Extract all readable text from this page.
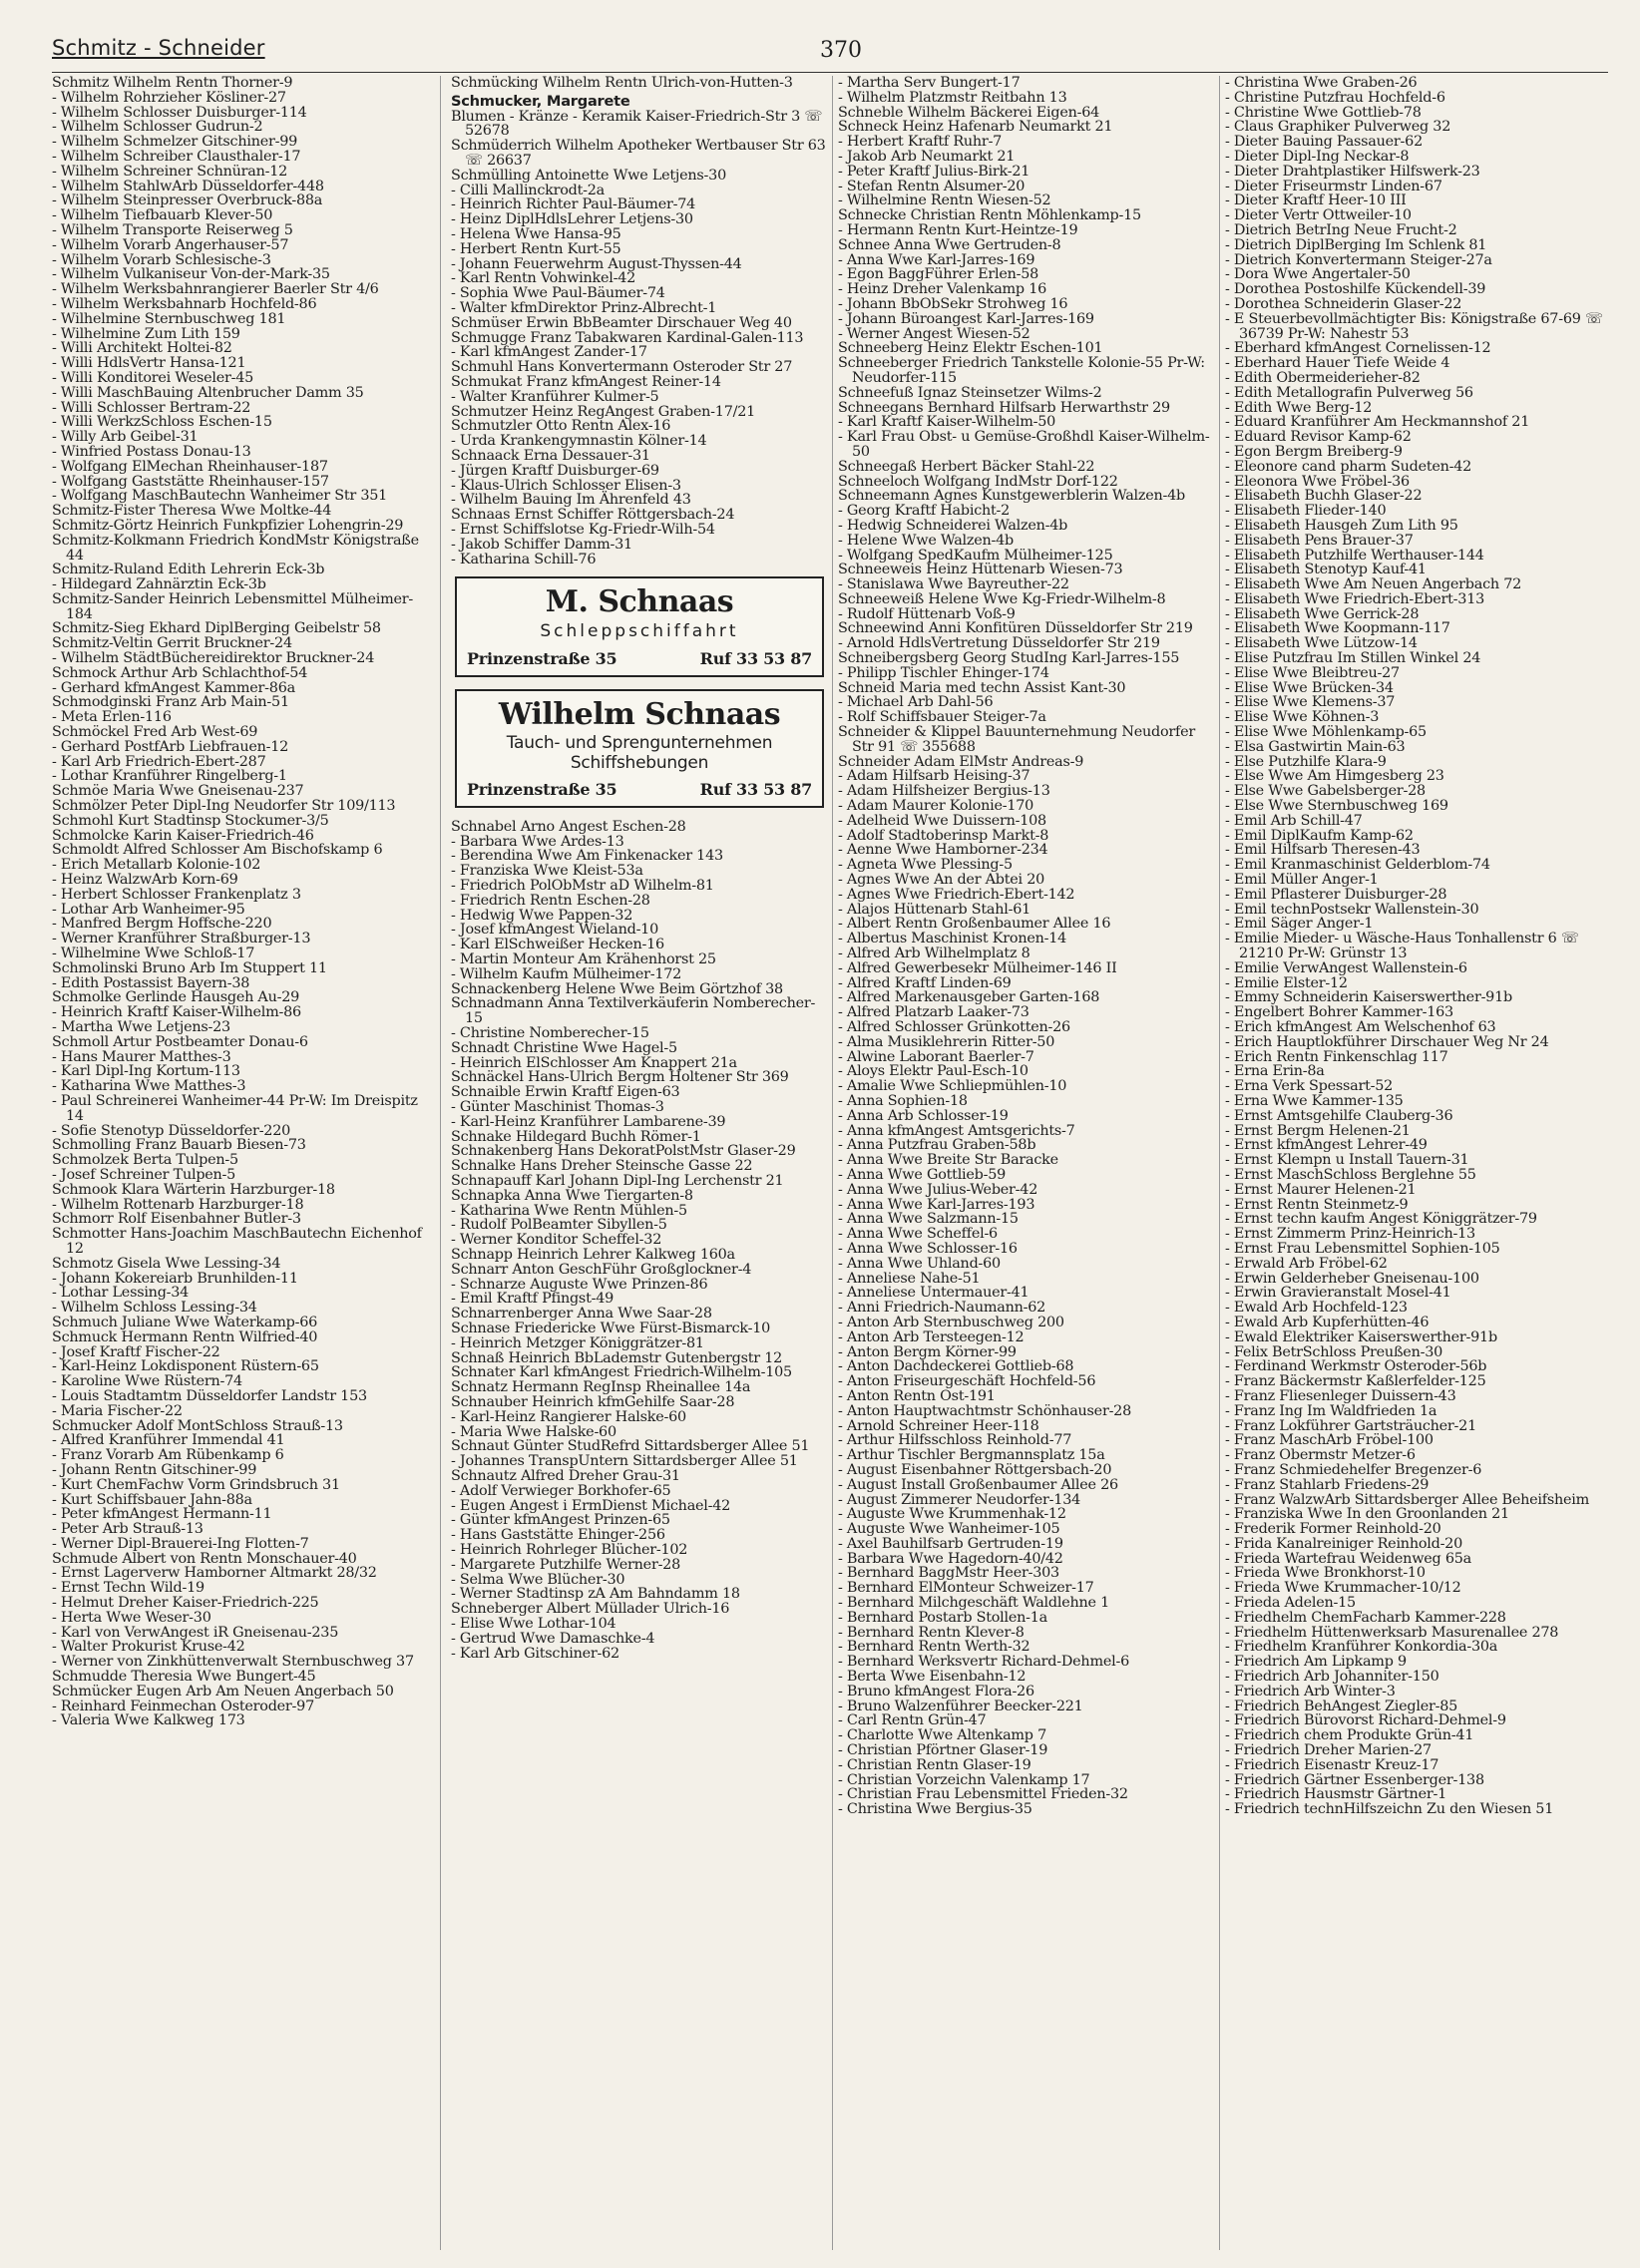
Schmitz - Schneider	370
Schmitz Wilhelm Rentn Thorner-9
- Wilhelm Rohrzieher Kösliner-27
- Wilhelm Schlosser Duisburger-114
- Wilhelm Schlosser Gudrun-2
- Wilhelm Schmelzer Gitschiner-99
- Wilhelm Schreiber Clausthaler-17
- Wilhelm Schreiner Schnüran-12
- Wilhelm StahlwArb Düsseldorfer-448
- Wilhelm Steinpresser Overbruck-88a
- Wilhelm Tiefbauarb Klever-50
- Wilhelm Transporte Reiserweg 5
- Wilhelm Vorarb Angerhauser-57
- Wilhelm Vorarb Schlesische-3
- Wilhelm Vulkaniseur Von-der-Mark-35
- Wilhelm Werksbahnrangierer Baerler Str 4/6
- Wilhelm Werksbahnarb Hochfeld-86
- Wilhelmine Sternbuschweg 181
- Wilhelmine Zum Lith 159
- Willi Architekt Holtei-82
- Willi HdlsVertr Hansa-121
- Willi Konditorei Weseler-45
- Willi MaschBauing Altenbrucher Damm 35
- Willi Schlosser Bertram-22
- Willi WerkzSchloss Eschen-15
- Willy Arb Geibel-31
- Winfried Postass Donau-13
- Wolfgang ElMechan Rheinhauser-187
- Wolfgang Gaststätte Rheinhauser-157
- Wolfgang MaschBautechn Wanheimer Str 351
Schmitz-Fister Theresa Wwe Moltke-44
Schmitz-Görtz Heinrich Funkpfizier Lohengrin-29
Schmitz-Kolkmann Friedrich KondMstr Königstraße 44
Schmitz-Ruland Edith Lehrerin Eck-3b
- Hildegard Zahnärztin Eck-3b
Schmitz-Sander Heinrich Lebensmittel Mülheimer-184
Schmitz-Sieg Ekhard DiplBerging Geibelstr 58
Schmitz-Veltin Gerrit Bruckner-24
- Wilhelm StädtBüchereidirektor Bruckner-24
Schmock Arthur Arb Schlachthof-54
- Gerhard kfmAngest Kammer-86a
Schmodginski Franz Arb Main-51
- Meta Erlen-116
Schmöckel Fred Arb West-69
- Gerhard PostfArb Liebfrauen-12
- Karl Arb Friedrich-Ebert-287
- Lothar Kranführer Ringelberg-1
Schmöe Maria Wwe Gneisenau-237
Schmölzer Peter Dipl-Ing Neudorfer Str 109/113
Schmohl Kurt Stadtinsp Stockumer-3/5
Schmolcke Karin Kaiser-Friedrich-46
Schmoldt Alfred Schlosser Am Bischofskamp 6
- Erich Metallarb Kolonie-102
- Heinz WalzwArb Korn-69
- Herbert Schlosser Frankenplatz 3
- Lothar Arb Wanheimer-95
- Manfred Bergm Hoffsche-220
- Werner Kranführer Straßburger-13
- Wilhelmine Wwe Schloß-17
Schmolinski Bruno Arb Im Stuppert 11
- Edith Postassist Bayern-38
Schmolke Gerlinde Hausgeh Au-29
- Heinrich Kraftf Kaiser-Wilhelm-86
- Martha Wwe Letjens-23
Schmoll Artur Postbeamter Donau-6
- Hans Maurer Matthes-3
- Karl Dipl-Ing Kortum-113
- Katharina Wwe Matthes-3
- Paul Schreinerei Wanheimer-44 Pr-W: Im Dreispitz 14
- Sofie Stenotyp Düsseldorfer-220
Schmolling Franz Bauarb Biesen-73
Schmolzek Berta Tulpen-5
- Josef Schreiner Tulpen-5
Schmook Klara Wärterin Harzburger-18
- Wilhelm Rottenarb Harzburger-18
Schmorr Rolf Eisenbahner Butler-3
Schmotter Hans-Joachim MaschBautechn Eichenhof 12
Schmotz Gisela Wwe Lessing-34
- Johann Kokereiarb Brunhilden-11
- Lothar Lessing-34
- Wilhelm Schloss Lessing-34
Schmuch Juliane Wwe Waterkamp-66
Schmuck Hermann Rentn Wilfried-40
- Josef Kraftf Fischer-22
- Karl-Heinz Lokdisponent Rüstern-65
- Karoline Wwe Rüstern-74
- Louis Stadtamtm Düsseldorfer Landstr 153
- Maria Fischer-22
Schmucker Adolf MontSchloss Strauß-13
- Alfred Kranführer Immendal 41
- Franz Vorarb Am Rübenkamp 6
- Johann Rentn Gitschiner-99
- Kurt ChemFachw Vorm Grindsbruch 31
- Kurt Schiffsbauer Jahn-88a
- Peter kfmAngest Hermann-11
- Peter Arb Strauß-13
- Werner Dipl-Brauerei-Ing Flotten-7
Schmude Albert von Rentn Monschauer-40
- Ernst Lagerverw Hamborner Altmarkt 28/32
- Ernst Techn Wild-19
- Helmut Dreher Kaiser-Friedrich-225
- Herta Wwe Weser-30
- Karl von VerwAngest iR Gneisenau-235
- Walter Prokurist Kruse-42
- Werner von Zinkhüttenverwalt Sternbuschweg 37
Schmudde Theresia Wwe Bungert-45
Schmücker Eugen Arb Am Neuen Angerbach 50
- Reinhard Feinmechan Osteroder-97
- Valeria Wwe Kalkweg 173
Schmücking Wilhelm Rentn Ulrich-von-Hutten-3
Schmucker, Margarete
Blumen - Kränze - Keramik Kaiser-Friedrich-Str 3 ☏ 52678
Schmüderrich Wilhelm Apotheker Wertbauser Str 63 ☏ 26637
Schmülling Antoinette Wwe Letjens-30
- Cilli Mallinckrodt-2a
- Heinrich Richter Paul-Bäumer-74
- Heinz DiplHdlsLehrer Letjens-30
- Helena Wwe Hansa-95
- Herbert Rentn Kurt-55
- Johann Feuerwehrm August-Thyssen-44
- Karl Rentn Vohwinkel-42
- Sophia Wwe Paul-Bäumer-74
- Walter kfmDirektor Prinz-Albrecht-1
Schmüser Erwin BbBeamter Dirschauer Weg 40
Schmugge Franz Tabakwaren Kardinal-Galen-113
- Karl kfmAngest Zander-17
Schmuhl Hans Konvertermann Osteroder Str 27
Schmukat Franz kfmAngest Reiner-14
- Walter Kranführer Kulmer-5
Schmutzer Heinz RegAngest Graben-17/21
Schmutzler Otto Rentn Alex-16
- Urda Krankengymnastin Kölner-14
Schnaack Erna Dessauer-31
- Jürgen Kraftf Duisburger-69
- Klaus-Ulrich Schlosser Elisen-3
- Wilhelm Bauing Im Ährenfeld 43
Schnaas Ernst Schiffer Röttgersbach-24
- Ernst Schiffslotse Kg-Friedr-Wilh-54
- Jakob Schiffer Damm-31
- Katharina Schill-76
M. Schnaas
Schleppschiffahrt
Prinzenstraße 35	Ruf 33 53 87
Wilhelm Schnaas
Tauch- und Sprengunternehmen Schiffshebungen
Prinzenstraße 35	Ruf 33 53 87
Schnabel Arno Angest Eschen-28
- Barbara Wwe Ardes-13
- Berendina Wwe Am Finkenacker 143
- Franziska Wwe Kleist-53a
- Friedrich PolObMstr aD Wilhelm-81
- Friedrich Rentn Eschen-28
- Hedwig Wwe Pappen-32
- Josef kfmAngest Wieland-10
- Karl ElSchweißer Hecken-16
- Martin Monteur Am Krähenhorst 25
- Wilhelm Kaufm Mülheimer-172
Schnackenberg Helene Wwe Beim Görtzhof 38
Schnadmann Anna Textilverkäuferin Nomberecher-15
- Christine Nomberecher-15
Schnadt Christine Wwe Hagel-5
- Heinrich ElSchlosser Am Knappert 21a
Schnäckel Hans-Ulrich Bergm Holtener Str 369
Schnaible Erwin Kraftf Eigen-63
- Günter Maschinist Thomas-3
- Karl-Heinz Kranführer Lambarene-39
Schnake Hildegard Buchh Römer-1
Schnakenberg Hans DekoratPolstMstr Glaser-29
Schnalke Hans Dreher Steinsche Gasse 22
Schnapauff Karl Johann Dipl-Ing Lerchenstr 21
Schnapka Anna Wwe Tiergarten-8
- Katharina Wwe Rentn Mühlen-5
- Rudolf PolBeamter Sibyllen-5
- Werner Konditor Scheffel-32
Schnapp Heinrich Lehrer Kalkweg 160a
Schnarr Anton GeschFühr Großglockner-4
- Schnarze Auguste Wwe Prinzen-86
- Emil Kraftf Pfingst-49
Schnarrenberger Anna Wwe Saar-28
Schnase Friedericke Wwe Fürst-Bismarck-10
- Heinrich Metzger Königgrätzer-81
Schnaß Heinrich BbLademstr Gutenbergstr 12
Schnater Karl kfmAngest Friedrich-Wilhelm-105
Schnatz Hermann RegInsp Rheinallee 14a
Schnauber Heinrich kfmGehilfe Saar-28
- Karl-Heinz Rangierer Halske-60
- Maria Wwe Halske-60
Schnaut Günter StudRefrd Sittardsberger Allee 51
- Johannes TranspUntern Sittardsberger Allee 51
Schnautz Alfred Dreher Grau-31
- Adolf Verwieger Borkhofer-65
- Eugen Angest i ErmDienst Michael-42
- Günter kfmAngest Prinzen-65
- Hans Gaststätte Ehinger-256
- Heinrich Rohrleger Blücher-102
- Margarete Putzhilfe Werner-28
- Selma Wwe Blücher-30
- Werner Stadtinsp zA Am Bahndamm 18
Schneberger Albert Müllader Ulrich-16
- Elise Wwe Lothar-104
- Gertrud Wwe Damaschke-4
- Karl Arb Gitschiner-62
- Martha Serv Bungert-17
- Wilhelm Platzmstr Reitbahn 13
Schneble Wilhelm Bäckerei Eigen-64
Schneck Heinz Hafenarb Neumarkt 21
- Herbert Kraftf Ruhr-7
- Jakob Arb Neumarkt 21
- Peter Kraftf Julius-Birk-21
- Stefan Rentn Alsumer-20
- Wilhelmine Rentn Wiesen-52
Schnecke Christian Rentn Möhlenkamp-15
- Hermann Rentn Kurt-Heintze-19
Schnee Anna Wwe Gertruden-8
- Anna Wwe Karl-Jarres-169
- Egon BaggFührer Erlen-58
- Heinz Dreher Valenkamp 16
- Johann BbObSekr Strohweg 16
- Johann Büroangest Karl-Jarres-169
- Werner Angest Wiesen-52
Schneeberg Heinz Elektr Eschen-101
Schneeberger Friedrich Tankstelle Kolonie-55 Pr-W: Neudorfer-115
Schneefuß Ignaz Steinsetzer Wilms-2
Schneegans Bernhard Hilfsarb Herwarthstr 29
- Karl Kraftf Kaiser-Wilhelm-50
- Karl Frau Obst- u Gemüse-Großhdl Kaiser-Wilhelm-50
Schneegaß Herbert Bäcker Stahl-22
Schneeloch Wolfgang IndMstr Dorf-122
Schneemann Agnes Kunstgewerblerin Walzen-4b
- Georg Kraftf Habicht-2
- Hedwig Schneiderei Walzen-4b
- Helene Wwe Walzen-4b
- Wolfgang SpedKaufm Mülheimer-125
Schneeweis Heinz Hüttenarb Wiesen-73
- Stanislawa Wwe Bayreuther-22
Schneeweiß Helene Wwe Kg-Friedr-Wilhelm-8
- Rudolf Hüttenarb Voß-9
Schneewind Anni Konfitüren Düsseldorfer Str 219
- Arnold HdlsVertretung Düsseldorfer Str 219
Schneibergsberg Georg StudIng Karl-Jarres-155
- Philipp Tischler Ehinger-174
Schneid Maria med techn Assist Kant-30
- Michael Arb Dahl-56
- Rolf Schiffsbauer Steiger-7a
Schneider & Klippel Bauunternehmung Neudorfer Str 91 ☏ 355688
Schneider Adam ElMstr Andreas-9
- Adam Hilfsarb Heising-37
- Adam Hilfsheizer Bergius-13
- Adam Maurer Kolonie-170
- Adelheid Wwe Duissern-108
- Adolf Stadtoberinsp Markt-8
- Aenne Wwe Hamborner-234
- Agneta Wwe Plessing-5
- Agnes Wwe An der Abtei 20
- Agnes Wwe Friedrich-Ebert-142
- Alajos Hüttenarb Stahl-61
- Albert Rentn Großenbaumer Allee 16
- Albertus Maschinist Kronen-14
- Alfred Arb Wilhelmplatz 8
- Alfred Gewerbesekr Mülheimer-146 II
- Alfred Kraftf Linden-69
- Alfred Markenausgeber Garten-168
- Alfred Platzarb Laaker-73
- Alfred Schlosser Grünkotten-26
- Alma Musiklehrerin Ritter-50
- Alwine Laborant Baerler-7
- Aloys Elektr Paul-Esch-10
- Amalie Wwe Schliepmühlen-10
- Anna Sophien-18
- Anna Arb Schlosser-19
- Anna kfmAngest Amtsgerichts-7
- Anna Putzfrau Graben-58b
- Anna Wwe Breite Str Baracke
- Anna Wwe Gottlieb-59
- Anna Wwe Julius-Weber-42
- Anna Wwe Karl-Jarres-193
- Anna Wwe Salzmann-15
- Anna Wwe Scheffel-6
- Anna Wwe Schlosser-16
- Anna Wwe Uhland-60
- Anneliese Nahe-51
- Anneliese Untermauer-41
- Anni Friedrich-Naumann-62
- Anton Arb Sternbuschweg 200
- Anton Arb Tersteegen-12
- Anton Bergm Körner-99
- Anton Dachdeckerei Gottlieb-68
- Anton Friseurgeschäft Hochfeld-56
- Anton Rentn Ost-191
- Anton Hauptwachtmstr Schönhauser-28
- Arnold Schreiner Heer-118
- Arthur Hilfsschloss Reinhold-77
- Arthur Tischler Bergmannsplatz 15a
- August Eisenbahner Röttgersbach-20
- August Install Großenbaumer Allee 26
- August Zimmerer Neudorfer-134
- Auguste Wwe Krummenhak-12
- Auguste Wwe Wanheimer-105
- Axel Bauhilfsarb Gertruden-19
- Barbara Wwe Hagedorn-40/42
- Bernhard BaggMstr Heer-303
- Bernhard ElMonteur Schweizer-17
- Bernhard Milchgeschäft Waldlehne 1
- Bernhard Postarb Stollen-1a
- Bernhard Rentn Klever-8
- Bernhard Rentn Werth-32
- Bernhard Werksvertr Richard-Dehmel-6
- Berta Wwe Eisenbahn-12
- Bruno kfmAngest Flora-26
- Bruno Walzenführer Beecker-221
- Carl Rentn Grün-47
- Charlotte Wwe Altenkamp 7
- Christian Pförtner Glaser-19
- Christian Rentn Glaser-19
- Christian Vorzeichn Valenkamp 17
- Christian Frau Lebensmittel Frieden-32
- Christina Wwe Bergius-35
- Christina Wwe Graben-26
- Christine Putzfrau Hochfeld-6
- Christine Wwe Gottlieb-78
- Claus Graphiker Pulverweg 32
- Dieter Bauing Passauer-62
- Dieter Dipl-Ing Neckar-8
- Dieter Drahtplastiker Hilfswerk-23
- Dieter Friseurmstr Linden-67
- Dieter Kraftf Heer-10 III
- Dieter Vertr Ottweiler-10
- Dietrich BetrIng Neue Frucht-2
- Dietrich DiplBerging Im Schlenk 81
- Dietrich Konvertermann Steiger-27a
- Dora Wwe Angertaler-50
- Dorothea Postoshilfe Kückendell-39
- Dorothea Schneiderin Glaser-22
- E Steuerbevollmächtigter Bis: Königstraße 67-69 ☏ 36739 Pr-W: Nahestr 53
- Eberhard kfmAngest Cornelissen-12
- Eberhard Hauer Tiefe Weide 4
- Edith Obermeiderieher-82
- Edith Metallografin Pulverweg 56
- Edith Wwe Berg-12
- Eduard Kranführer Am Heckmannshof 21
- Eduard Revisor Kamp-62
- Egon Bergm Breiberg-9
- Eleonore cand pharm Sudeten-42
- Eleonora Wwe Fröbel-36
- Elisabeth Buchh Glaser-22
- Elisabeth Flieder-140
- Elisabeth Hausgeh Zum Lith 95
- Elisabeth Pens Brauer-37
- Elisabeth Putzhilfe Werthauser-144
- Elisabeth Stenotyp Kauf-41
- Elisabeth Wwe Am Neuen Angerbach 72
- Elisabeth Wwe Friedrich-Ebert-313
- Elisabeth Wwe Gerrick-28
- Elisabeth Wwe Koopmann-117
- Elisabeth Wwe Lützow-14
- Elise Putzfrau Im Stillen Winkel 24
- Elise Wwe Bleibtreu-27
- Elise Wwe Brücken-34
- Elise Wwe Klemens-37
- Elise Wwe Köhnen-3
- Elise Wwe Möhlenkamp-65
- Elsa Gastwirtin Main-63
- Else Putzhilfe Klara-9
- Else Wwe Am Himgesberg 23
- Else Wwe Gabelsberger-28
- Else Wwe Sternbuschweg 169
- Emil Arb Schill-47
- Emil DiplKaufm Kamp-62
- Emil Hilfsarb Theresen-43
- Emil Kranmaschinist Gelderblom-74
- Emil Müller Anger-1
- Emil Pflasterer Duisburger-28
- Emil technPostsekr Wallenstein-30
- Emil Säger Anger-1
- Emilie Mieder- u Wäsche-Haus Tonhallenstr 6 ☏ 21210 Pr-W: Grünstr 13
- Emilie VerwAngest Wallenstein-6
- Emilie Elster-12
- Emmy Schneiderin Kaiserswerther-91b
- Engelbert Bohrer Kammer-163
- Erich kfmAngest Am Welschenhof 63
- Erich Hauptlokführer Dirschauer Weg Nr 24
- Erich Rentn Finkenschlag 117
- Erna Erin-8a
- Erna Verk Spessart-52
- Erna Wwe Kammer-135
- Ernst Amtsgehilfe Clauberg-36
- Ernst Bergm Helenen-21
- Ernst kfmAngest Lehrer-49
- Ernst Klempn u Install Tauern-31
- Ernst MaschSchloss Berglehne 55
- Ernst Maurer Helenen-21
- Ernst Rentn Steinmetz-9
- Ernst techn kaufm Angest Königgrätzer-79
- Ernst Zimmerm Prinz-Heinrich-13
- Ernst Frau Lebensmittel Sophien-105
- Erwald Arb Fröbel-62
- Erwin Gelderheber Gneisenau-100
- Erwin Gravieranstalt Mosel-41
- Ewald Arb Hochfeld-123
- Ewald Arb Kupferhütten-46
- Ewald Elektriker Kaiserswerther-91b
- Felix BetrSchloss Preußen-30
- Ferdinand Werkmstr Osteroder-56b
- Franz Bäckermstr Kaßlerfelder-125
- Franz Fliesenleger Duissern-43
- Franz Ing Im Waldfrieden 1a
- Franz Lokführer Gartsträucher-21
- Franz MaschArb Fröbel-100
- Franz Obermstr Metzer-6
- Franz Schmiedehelfer Bregenzer-6
- Franz Stahlarb Friedens-29
- Franz WalzwArb Sittardsberger Allee Beheifsheim
- Franziska Wwe In den Groonlanden 21
- Frederik Former Reinhold-20
- Frida Kanalreiniger Reinhold-20
- Frieda Wartefrau Weidenweg 65a
- Frieda Wwe Bronkhorst-10
- Frieda Wwe Krummacher-10/12
- Frieda Adelen-15
- Friedhelm ChemFacharb Kammer-228
- Friedhelm Hüttenwerksarb Masurenallee 278
- Friedhelm Kranführer Konkordia-30a
- Friedrich Am Lipkamp 9
- Friedrich Arb Johanniter-150
- Friedrich Arb Winter-3
- Friedrich BehAngest Ziegler-85
- Friedrich Bürovorst Richard-Dehmel-9
- Friedrich chem Produkte Grün-41
- Friedrich Dreher Marien-27
- Friedrich Eisenastr Kreuz-17
- Friedrich Gärtner Essenberger-138
- Friedrich Hausmstr Gärtner-1
- Friedrich technHilfszeichn Zu den Wiesen 51
